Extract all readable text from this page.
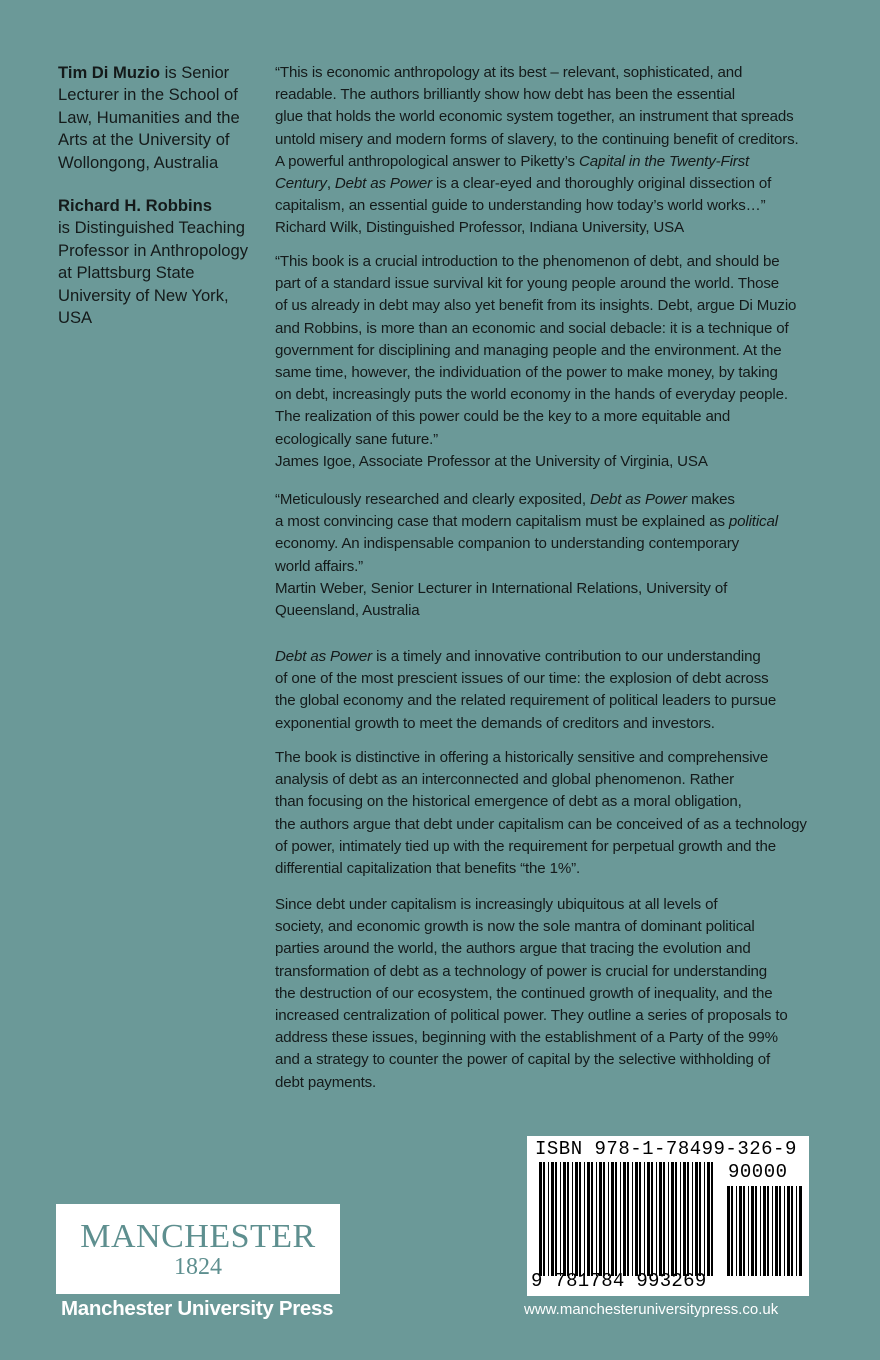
Tim Di Muzio is Senior Lecturer in the School of Law, Humanities and the Arts at the University of Wollongong, Australia
Richard H. Robbins
is Distinguished Teaching Professor in Anthropology at Plattsburg State University of New York, USA

“This is economic anthropology at its best – relevant, sophisticated, and

readable. The authors brilliantly show how debt has been the essential

glue that holds the world economic system together, an instrument that spreads

untold misery and modern forms of slavery, to the continuing benefit of creditors.

A powerful anthropological answer to Piketty’s Capital in the Twenty-First

Century, Debt as Power is a clear-eyed and thoroughly original dissection of

capitalism, an essential guide to understanding how today’s world works…”

Richard Wilk, Distinguished Professor, Indiana University, USA

“This book is a crucial introduction to the phenomenon of debt, and should be

part of a standard issue survival kit for young people around the world. Those

of us already in debt may also yet benefit from its insights. Debt, argue Di Muzio

and Robbins, is more than an economic and social debacle: it is a technique of

government for disciplining and managing people and the environment. At the

same time, however, the individuation of the power to make money, by taking

on debt, increasingly puts the world economy in the hands of everyday people.

The realization of this power could be the key to a more equitable and

ecologically sane future.”

James Igoe, Associate Professor at the University of Virginia, USA

“Meticulously researched and clearly exposited, Debt as Power makes

a most convincing case that modern capitalism must be explained as political

economy. An indispensable companion to understanding contemporary

world affairs.”

Martin Weber, Senior Lecturer in International Relations, University of

Queensland, Australia

Debt as Power is a timely and innovative contribution to our understanding

of one of the most prescient issues of our time: the explosion of debt across

the global economy and the related requirement of political leaders to pursue

exponential growth to meet the demands of creditors and investors.

The book is distinctive in offering a historically sensitive and comprehensive

analysis of debt as an interconnected and global phenomenon. Rather

than focusing on the historical emergence of debt as a moral obligation,

the authors argue that debt under capitalism can be conceived of as a technology

of power, intimately tied up with the requirement for perpetual growth and the

differential capitalization that benefits “the 1%”.

Since debt under capitalism is increasingly ubiquitous at all levels of

society, and economic growth is now the sole mantra of dominant political

parties around the world, the authors argue that tracing the evolution and

transformation of debt as a technology of power is crucial for understanding

the destruction of our ecosystem, the continued growth of inequality, and the

increased centralization of political power. They outline a series of proposals to

address these issues, beginning with the establishment of a Party of the 99%

and a strategy to counter the power of capital by the selective withholding of

debt payments.

MANCHESTER
1824
Manchester University Press
ISBN 978-1-78499-326-9
90000
9 781784 993269
www.manchesteruniversitypress.co.uk
